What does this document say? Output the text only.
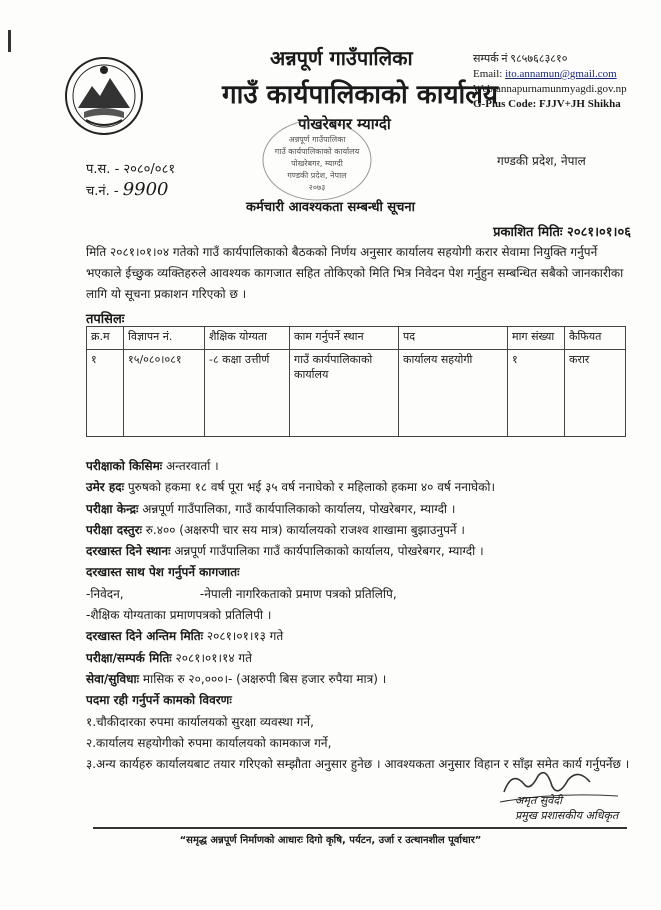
अन्नपूर्ण गाउँपालिका
गाउँ कार्यपालिकाको कार्यालय
पोखरेबगर म्याग्दी
सम्पर्क नं ९८५७६८३८१०
Email: ito.annamun@gmail.com
Web:annapurnamunmyagdi.gov.np
G-Plus Code: FJJV+JH Shikha
अन्नपूर्ण गाउँपालिका
गाउँ कार्यपालिकाको कार्यालय
पोखरेबगर, म्याग्दी
गण्डकी प्रदेश, नेपाल
२०७३
गण्डकी प्रदेश, नेपाल
प.स. - २०८०/०८१
च.नं. - 9900
कर्मचारी आवश्यकता सम्बन्धी सूचना
प्रकाशित मितिः २०८१।०१।०६
मिति २०८१।०१।०४ गतेको गाउँ कार्यपालिकाको बैठकको निर्णय अनुसार कार्यालय सहयोगी करार सेवामा नियुक्ति गर्नुपर्ने भएकाले ईच्छुक व्यक्तिहरुले आवश्यक कागजात सहित तोकिएको मिति भित्र निवेदन पेश गर्नुहुन सम्बन्धित सबैको जानकारीका लागि यो सूचना प्रकाशन गरिएको छ ।
तपसिलः
क्र.म	विज्ञापन नं.	शैक्षिक योग्यता	काम गर्नुपर्ने स्थान	पद	माग संख्या	कैफियत
१	१५/०८०।०८१	-८ कक्षा उत्तीर्ण	गाउँ कार्यपालिकाको कार्यालय	कार्यालय सहयोगी	१	करार
परीक्षाको किसिमः अन्तरवार्ता ।
उमेर हदः पुरुषको हकमा १८ वर्ष पूरा भई ३५ वर्ष ननाघेको र महिलाको हकमा ४० वर्ष ननाघेको।
परीक्षा केन्द्रः अन्नपूर्ण गाउँपालिका, गाउँ कार्यपालिकाको कार्यालय, पोखरेबगर, म्याग्दी ।
परीक्षा दस्तुरः रु.४०० (अक्षरुपी चार सय मात्र) कार्यालयको राजश्व शाखामा बुझाउनुपर्ने ।
दरखास्त दिने स्थानः अन्नपूर्ण गाउँपालिका गाउँ कार्यपालिकाको कार्यालय, पोखरेबगर, म्याग्दी ।
दरखास्त साथ पेश गर्नुपर्ने कागजातः
-निवेदन,                    -नेपाली नागरिकताको प्रमाण पत्रको प्रतिलिपि,
-शैक्षिक योग्यताका प्रमाणपत्रको प्रतिलिपी ।
दरखास्त दिने अन्तिम मितिः २०८१।०१।१३ गते
परीक्षा/सम्पर्क मितिः २०८१।०१।१४ गते
सेवा/सुविधाः मासिक रु २०,०००।- (अक्षरुपी बिस हजार रुपैया मात्र) ।
पदमा रही गर्नुपर्ने कामको विवरणः
१.चौकीदारका रुपमा कार्यालयको सुरक्षा व्यवस्था गर्ने,
२.कार्यालय सहयोगीको रुपमा कार्यालयको कामकाज गर्ने,
३.अन्य कार्यहरु कार्यालयबाट तयार गरिएको सम्झौता अनुसार हुनेछ । आवश्यकता अनुसार विहान र साँझ समेत कार्य गर्नुपर्नेछ ।
अमृत सुवेदी
प्रमुख प्रशासकीय अधिकृत
“समृद्ध अन्नपूर्ण निर्माणको आधारः दिगो कृषि, पर्यटन, उर्जा र उत्थानशील पूर्वाधार”
